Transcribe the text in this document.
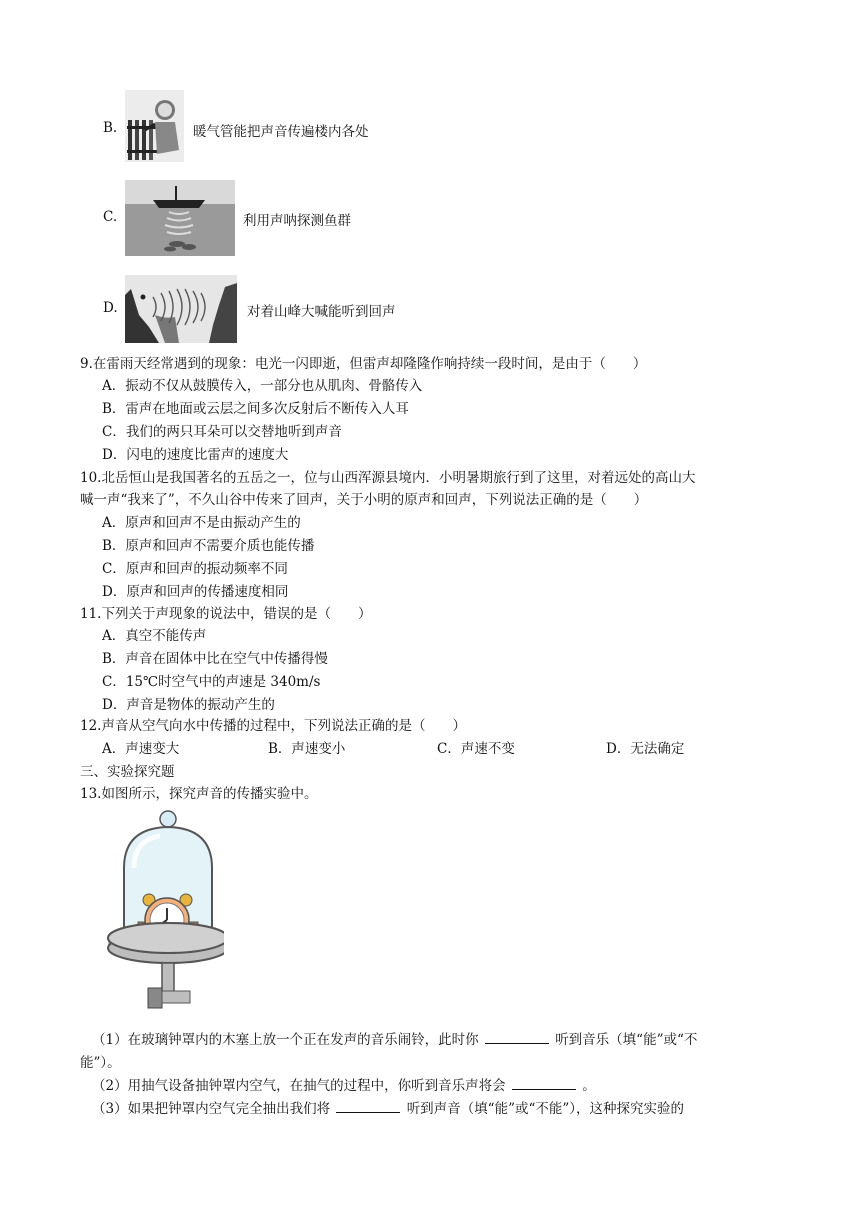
B.	暖气管能把声音传遍楼内各处
C.	利用声呐探测鱼群
D.	对着山峰大喊能听到回声
9.在雷雨天经常遇到的现象：电光一闪即逝，但雷声却隆隆作响持续一段时间，是由于（　　）
A．振动不仅从鼓膜传入，一部分也从肌肉、骨骼传入
B．雷声在地面或云层之间多次反射后不断传入人耳
C．我们的两只耳朵可以交替地听到声音
D．闪电的速度比雷声的速度大
10.北岳恒山是我国著名的五岳之一，位与山西浑源县境内．小明暑期旅行到了这里，对着远处的高山大
喊一声“我来了”，不久山谷中传来了回声，关于小明的原声和回声，下列说法正确的是（　　）
A．原声和回声不是由振动产生的
B．原声和回声不需要介质也能传播
C．原声和回声的振动频率不同
D．原声和回声的传播速度相同
11.下列关于声现象的说法中，错误的是（　　）
A．真空不能传声
B．声音在固体中比在空气中传播得慢
C．15℃时空气中的声速是 340m/s
D．声音是物体的振动产生的
12.声音从空气向水中传播的过程中，下列说法正确的是（　　）
A．声速变大	B．声速变小	C．声速不变	D．无法确定
三、实验探究题
13.如图所示，探究声音的传播实验中。
（1）在玻璃钟罩内的木塞上放一个正在发声的音乐闹铃，此时你	听到音乐（填“能”或“不
能”）。
（2）用抽气设备抽钟罩内空气，在抽气的过程中，你听到音乐声将会	。
（3）如果把钟罩内空气完全抽出我们将	听到声音（填“能”或“不能”），这种探究实验的
